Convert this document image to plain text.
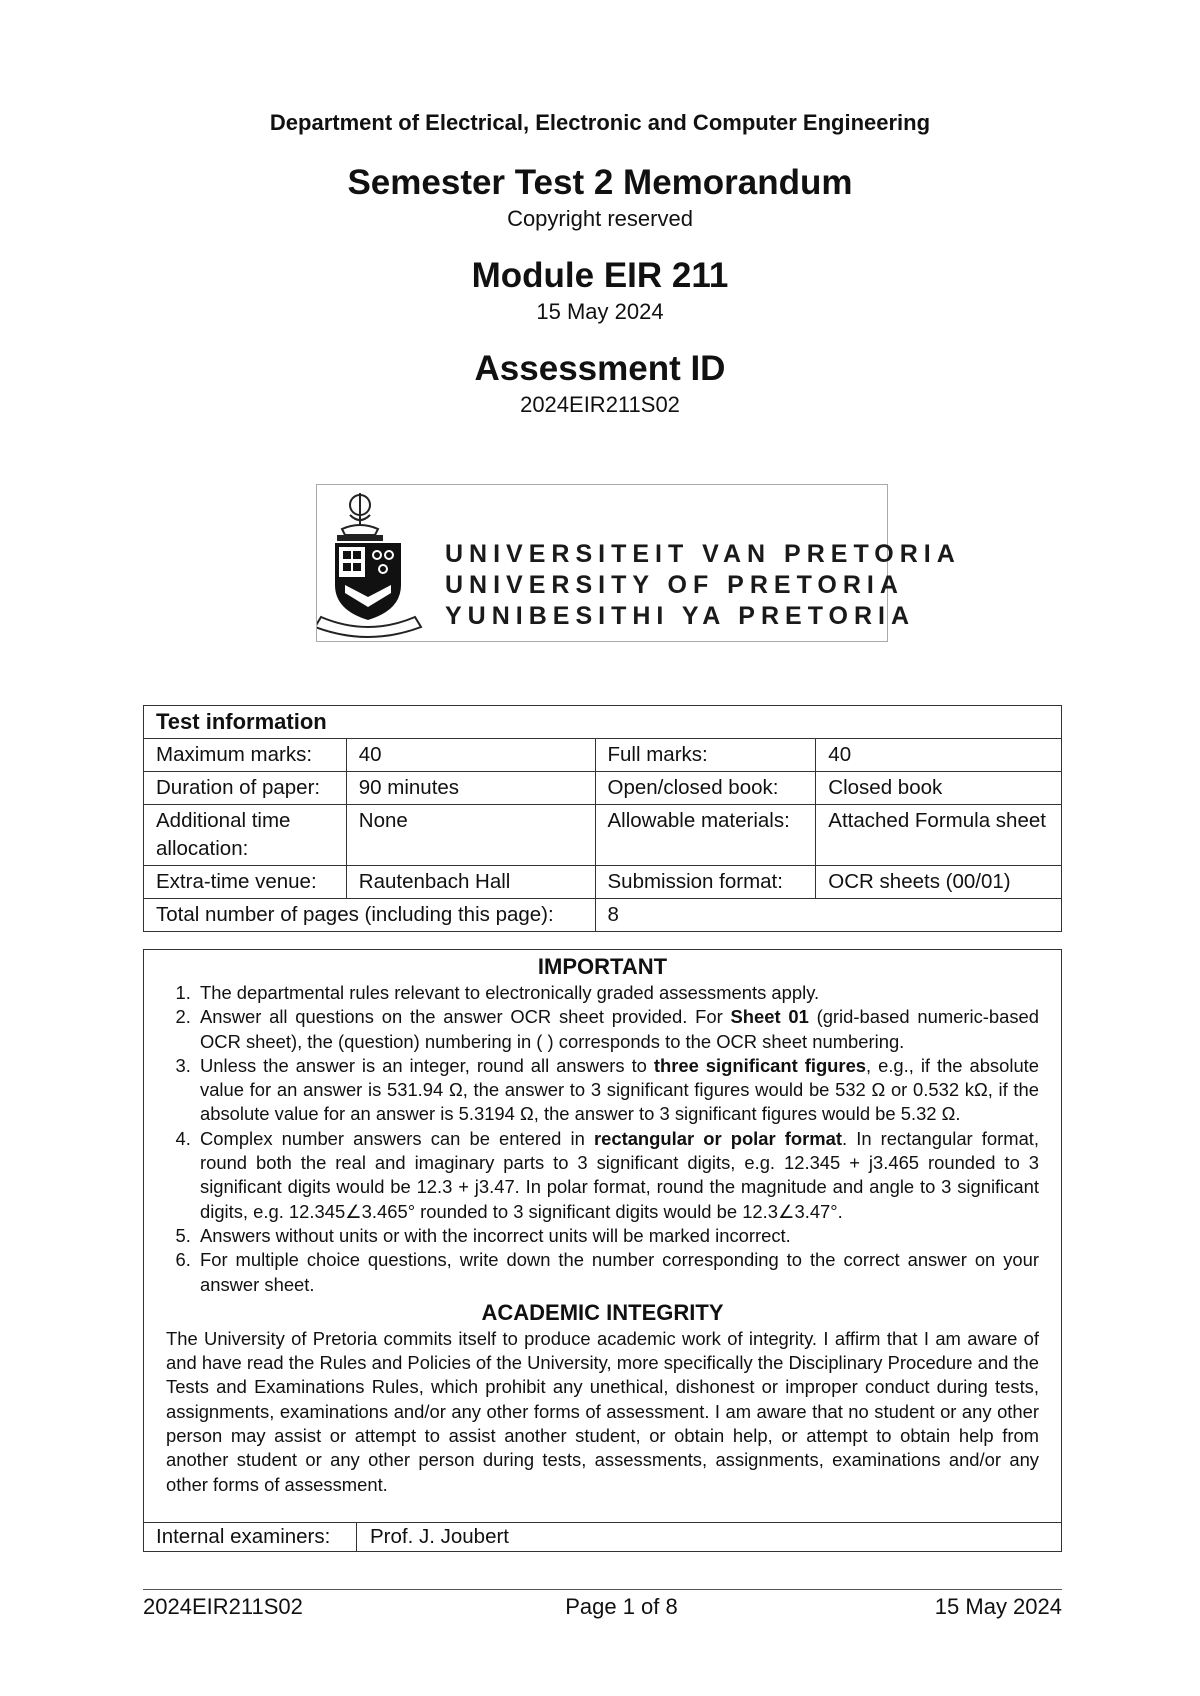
Department of Electrical, Electronic and Computer Engineering
Semester Test 2 Memorandum
Copyright reserved
Module EIR 211
15 May 2024
Assessment ID
2024EIR211S02
UNIVERSITEIT VAN PRETORIA
UNIVERSITY OF PRETORIA
YUNIBESITHI YA PRETORIA
Test information			
Maximum marks:	40	Full marks:	40
Duration of paper:	90 minutes	Open/closed book:	Closed book
Additional time allocation:	None	Allowable materials:	Attached Formula sheet
Extra-time venue:	Rautenbach Hall	Submission format:	OCR sheets (00/01)
Total number of pages (including this page):		8	
IMPORTANT
1. The departmental rules relevant to electronically graded assessments apply.
2. Answer all questions on the answer OCR sheet provided. For Sheet 01 (grid-based numeric-based OCR sheet), the (question) numbering in ( ) corresponds to the OCR sheet numbering.
3. Unless the answer is an integer, round all answers to three significant figures, e.g., if the absolute value for an answer is 531.94 Ω, the answer to 3 significant figures would be 532 Ω or 0.532 kΩ, if the absolute value for an answer is 5.3194 Ω, the answer to 3 significant figures would be 5.32 Ω.
4. Complex number answers can be entered in rectangular or polar format. In rectangular format, round both the real and imaginary parts to 3 significant digits, e.g. 12.345 + j3.465 rounded to 3 significant digits would be 12.3 + j3.47. In polar format, round the magnitude and angle to 3 significant digits, e.g. 12.345∠3.465° rounded to 3 significant digits would be 12.3∠3.47°.
5. Answers without units or with the incorrect units will be marked incorrect.
6. For multiple choice questions, write down the number corresponding to the correct answer on your answer sheet.
ACADEMIC INTEGRITY

The University of Pretoria commits itself to produce academic work of integrity. I affirm that I am aware of and have read the Rules and Policies of the University, more specifically the Disciplinary Procedure and the Tests and Examinations Rules, which prohibit any unethical, dishonest or improper conduct during tests, assignments, examinations and/or any other forms of assessment. I am aware that no student or any other person may assist or attempt to assist another student, or obtain help, or attempt to obtain help from another student or any other person during tests, assessments, assignments, examinations and/or any other forms of assessment.

Internal examiners: Prof. J. Joubert
2024EIR211S02	Page 1 of 8	15 May 2024
